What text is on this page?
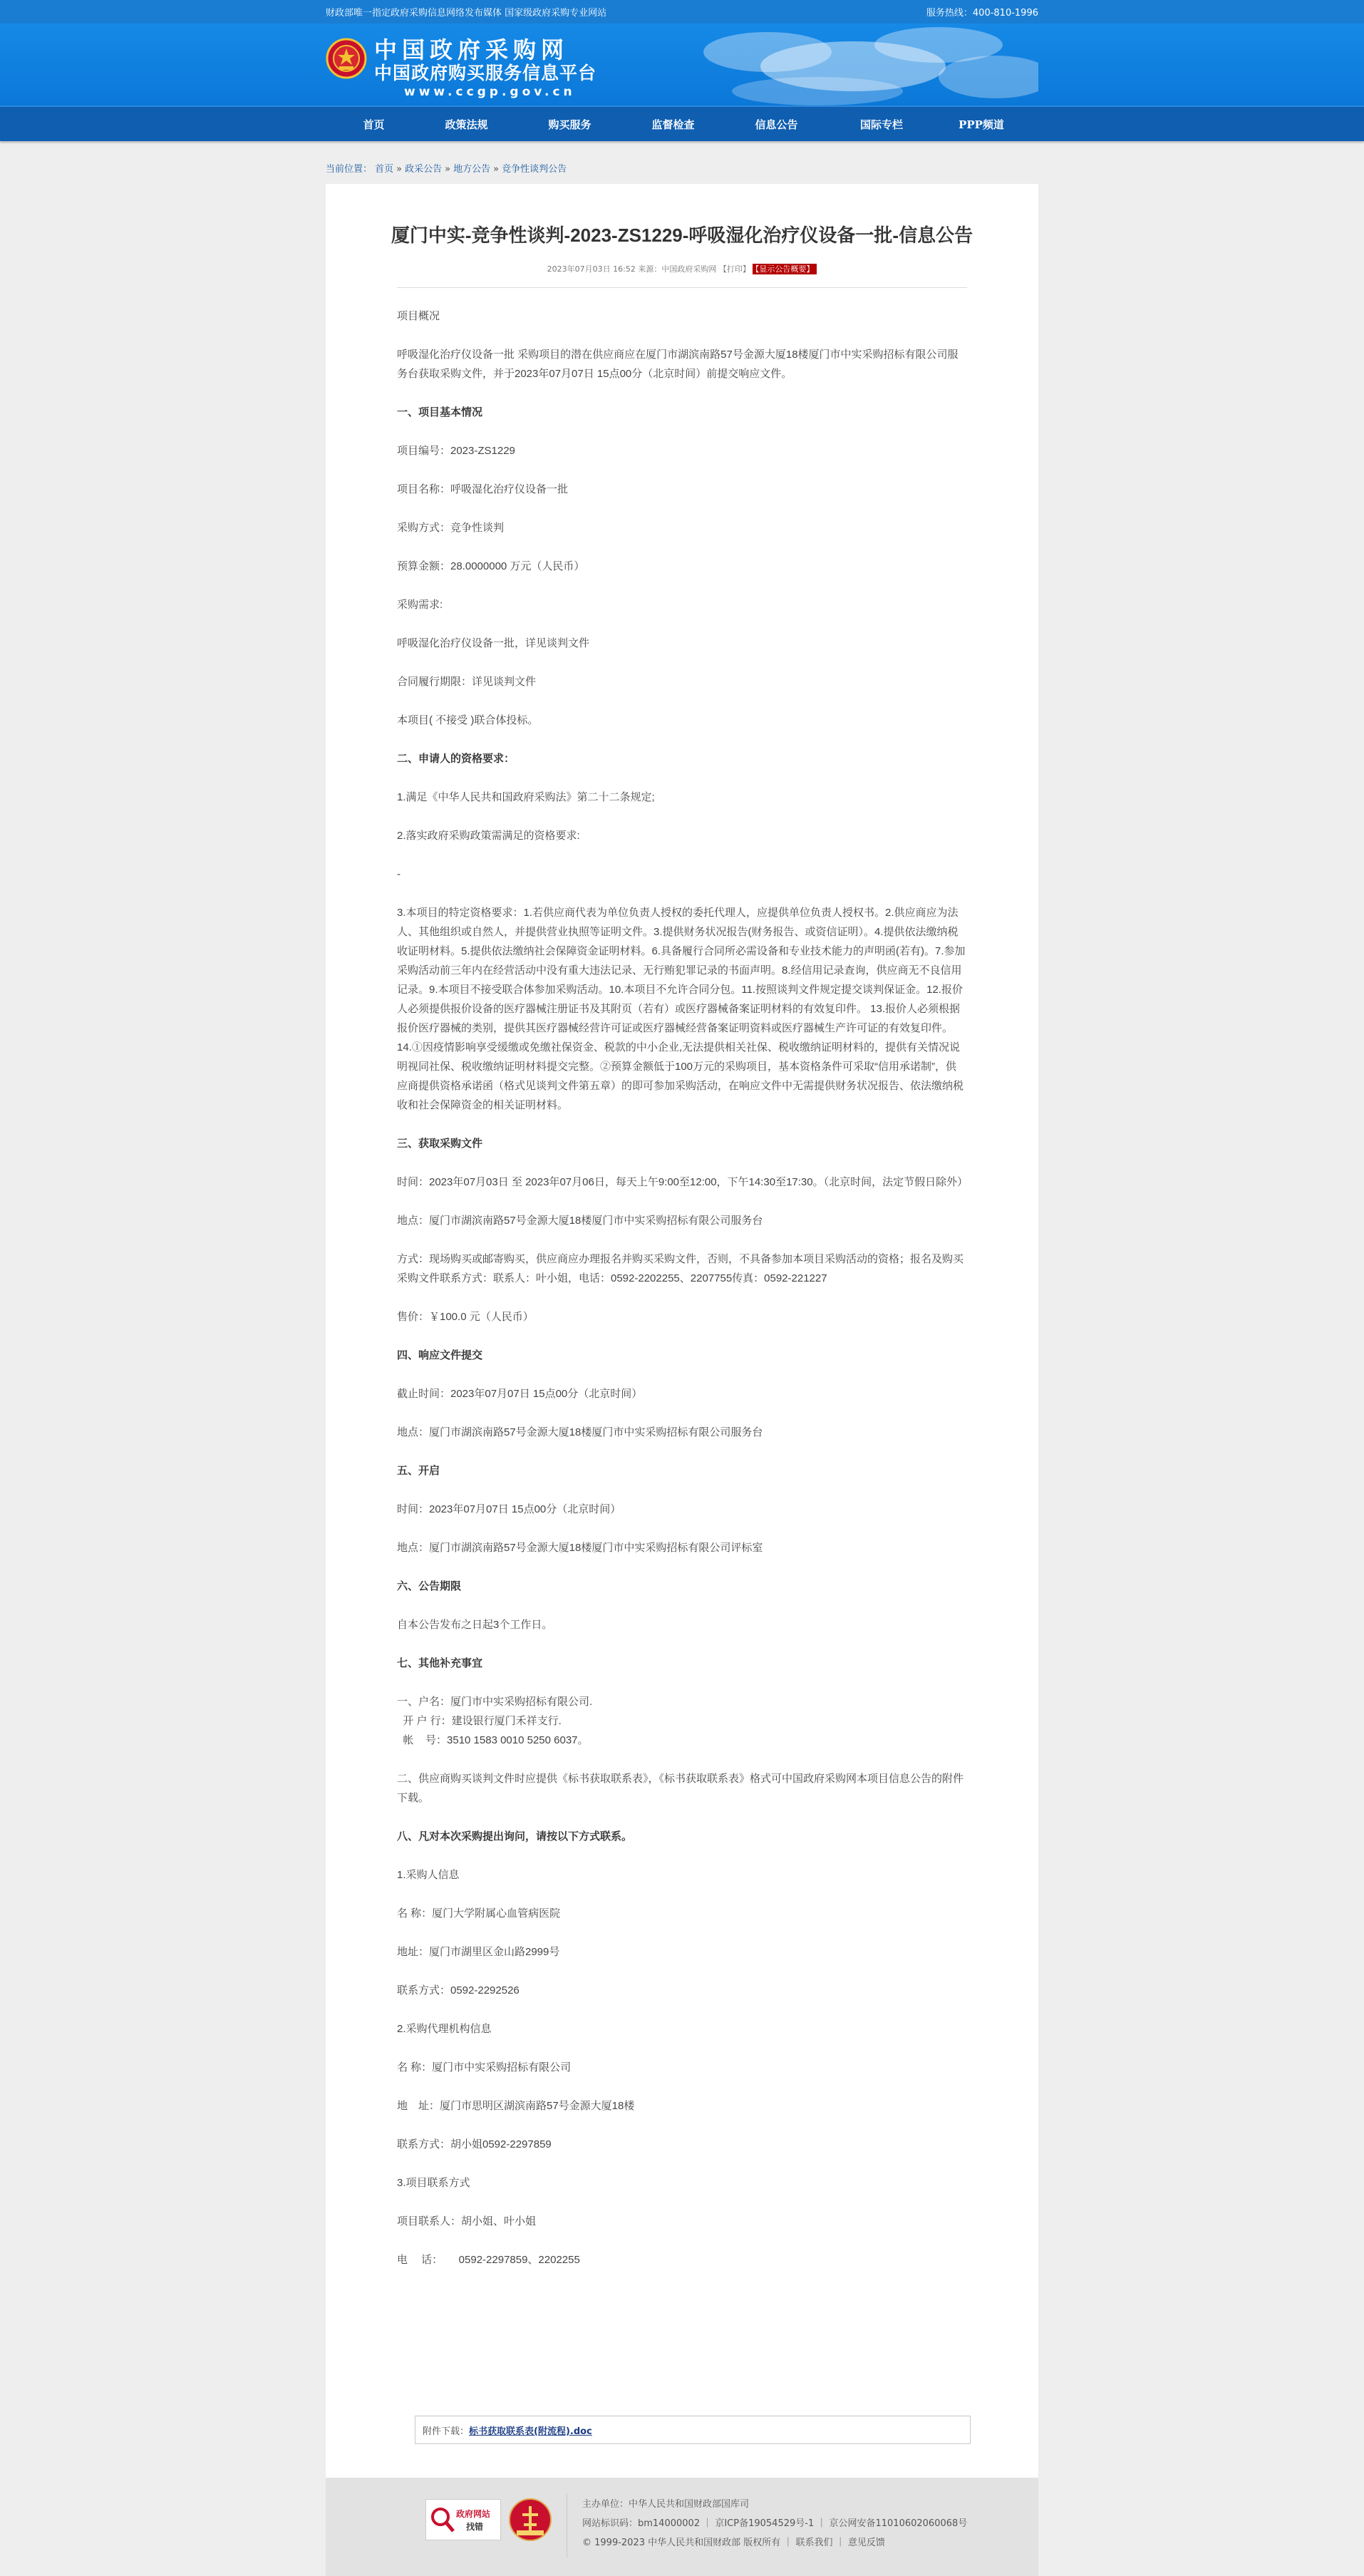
财政部唯一指定政府采购信息网络发布媒体 国家级政府采购专业网站	服务热线：400-810-1996
中国政府采购网
中国政府购买服务信息平台
www.ccgp.gov.cn
首页	政策法规	购买服务	监督检查	信息公告	国际专栏	PPP频道
当前位置： 首页 » 政采公告 » 地方公告 » 竞争性谈判公告
厦门中实-竞争性谈判-2023-ZS1229-呼吸湿化治疗仪设备一批-信息公告
2023年07月03日 16:52 来源：中国政府采购网 【打印】 【显示公告概要】

项目概况

呼吸湿化治疗仪设备一批 采购项目的潜在供应商应在厦门市湖滨南路57号金源大厦18楼厦门市中实采购招标有限公司服务台获取采购文件，并于2023年07月07日 15点00分（北京时间）前提交响应文件。

一、项目基本情况

项目编号：2023-ZS1229

项目名称：呼吸湿化治疗仪设备一批

采购方式：竞争性谈判

预算金额：28.0000000 万元（人民币）

采购需求:

呼吸湿化治疗仪设备一批，详见谈判文件

合同履行期限：详见谈判文件

本项目( 不接受 )联合体投标。

二、申请人的资格要求：

1.满足《中华人民共和国政府采购法》第二十二条规定;

2.落实政府采购政策需满足的资格要求:

-

3.本项目的特定资格要求：1.若供应商代表为单位负责人授权的委托代理人，应提供单位负责人授权书。2.供应商应为法人、其他组织或自然人，并提供营业执照等证明文件。3.提供财务状况报告(财务报告、或资信证明）。4.提供依法缴纳税收证明材料。5.提供依法缴纳社会保障资金证明材料。6.具备履行合同所必需设备和专业技术能力的声明函(若有)。7.参加采购活动前三年内在经营活动中没有重大违法记录、无行贿犯罪记录的书面声明。8.经信用记录查询，供应商无不良信用记录。9.本项目不接受联合体参加采购活动。10.本项目不允许合同分包。11.按照谈判文件规定提交谈判保证金。12.报价人必须提供报价设备的医疗器械注册证书及其附页（若有）或医疗器械备案证明材料的有效复印件。 13.报价人必须根据报价医疗器械的类别，提供其医疗器械经营许可证或医疗器械经营备案证明资料或医疗器械生产许可证的有效复印件。14.①因疫情影响享受缓缴或免缴社保资金、税款的中小企业,无法提供相关社保、税收缴纳证明材料的，提供有关情况说明视同社保、税收缴纳证明材料提交完整。②预算金额低于100万元的采购项目，基本资格条件可采取“信用承诺制”，供应商提供资格承诺函（格式见谈判文件第五章）的即可参加采购活动，在响应文件中无需提供财务状况报告、依法缴纳税收和社会保障资金的相关证明材料。

三、获取采购文件

时间：2023年07月03日 至 2023年07月06日，每天上午9:00至12:00，下午14:30至17:30。（北京时间，法定节假日除外）

地点：厦门市湖滨南路57号金源大厦18楼厦门市中实采购招标有限公司服务台

方式：现场购买或邮寄购买，供应商应办理报名并购买采购文件，否则，不具备参加本项目采购活动的资格；报名及购买采购文件联系方式：联系人：叶小姐，电话：0592-2202255、2207755传真：0592-221227

售价：￥100.0 元（人民币）

四、响应文件提交

截止时间：2023年07月07日 15点00分（北京时间）

地点：厦门市湖滨南路57号金源大厦18楼厦门市中实采购招标有限公司服务台

五、开启

时间：2023年07月07日 15点00分（北京时间）

地点：厦门市湖滨南路57号金源大厦18楼厦门市中实采购招标有限公司评标室

六、公告期限

自本公告发布之日起3个工作日。

七、其他补充事宜

一、户名：厦门市中实采购招标有限公司.

开 户 行：建设银行厦门禾祥支行.

帐    号：3510 1583 0010 5250 6037。

二、供应商购买谈判文件时应提供《标书获取联系表》，《标书获取联系表》格式可中国政府采购网本项目信息公告的附件下载。

八、凡对本次采购提出询问，请按以下方式联系。

1.采购人信息

名 称：厦门大学附属心血管病医院

地址：厦门市湖里区金山路2999号

联系方式：0592-2292526

2.采购代理机构信息

名 称：厦门市中实采购招标有限公司

地　址：厦门市思明区湖滨南路57号金源大厦18楼

联系方式：胡小姐0592-2297859

3.项目联系方式

项目联系人：胡小姐、叶小姐

电　 话：　　0592-2297859、2202255

附件下载：标书获取联系表(附流程).doc
政府网站
找错
主办单位：中华人民共和国财政部国库司
网站标识码：bm14000002 ｜ 京ICP备19054529号-1 ｜ 京公网安备11010602060068号
© 1999-2023 中华人民共和国财政部 版权所有 ｜ 联系我们 ｜ 意见反馈
